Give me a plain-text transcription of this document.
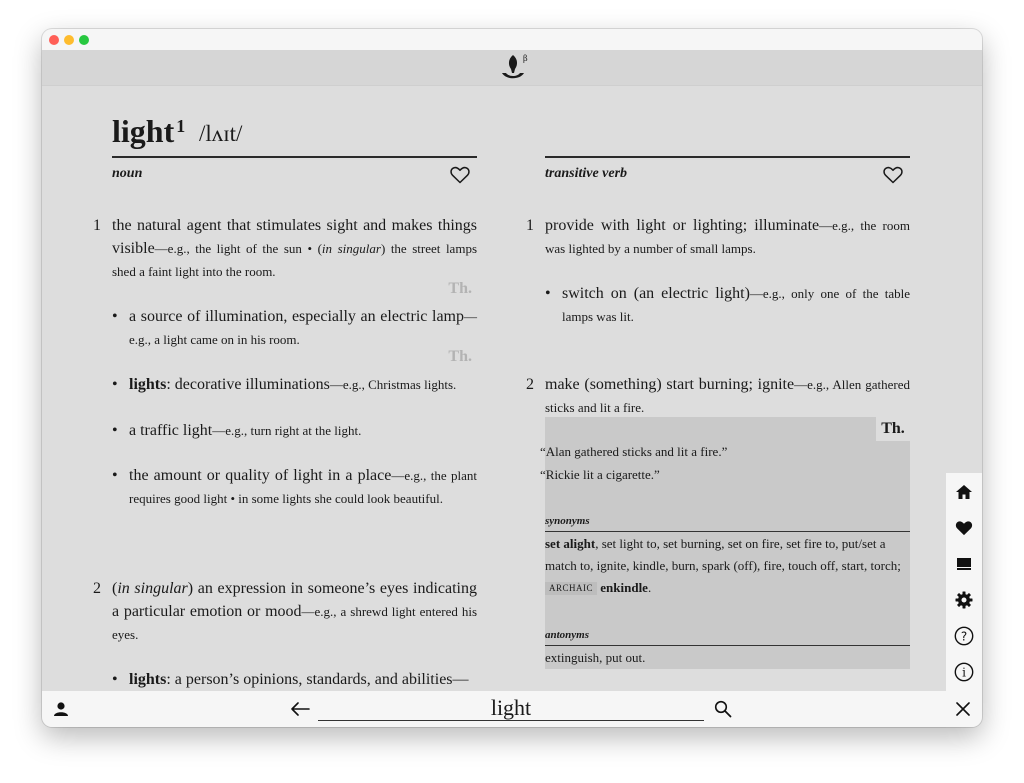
β
light $^1$ /lʌɪt/
noun
1 the natural agent that stimulates sight and makes things visible—e.g., the light of the sun • (in singular) the street lamps shed a faint light into the room.
Th.
• a source of illumination, especially an electric lamp—e.g., a light came on in his room.
Th.
• lights: decorative illuminations—e.g., Christmas lights.
• a traffic light—e.g., turn right at the light.
• the amount or quality of light in a place—e.g., the plant requires good light • in some lights she could look beautiful.
2 (in singular) an expression in someone’s eyes indicating a particular emotion or mood—e.g., a shrewd light entered his eyes.
• lights: a person’s opinions, standards, and abilities—
transitive verb
1 provide with light or lighting; illuminate—e.g., the room was lighted by a number of small lamps.
• switch on (an electric light)—e.g., only one of the table lamps was lit.
2 make (something) start burning; ignite—e.g., Allen gathered sticks and lit a fire.
Th.
“Alan gathered sticks and lit a fire.”
“Rickie lit a cigarette.”
synonyms
set alight, set light to, set burning, set on fire, set fire to, put/set a match to, ignite, kindle, burn, spark (off), fire, touch off, start, torch; ARCHAIC enkindle.
antonyms
extinguish, put out.
?
i
light
